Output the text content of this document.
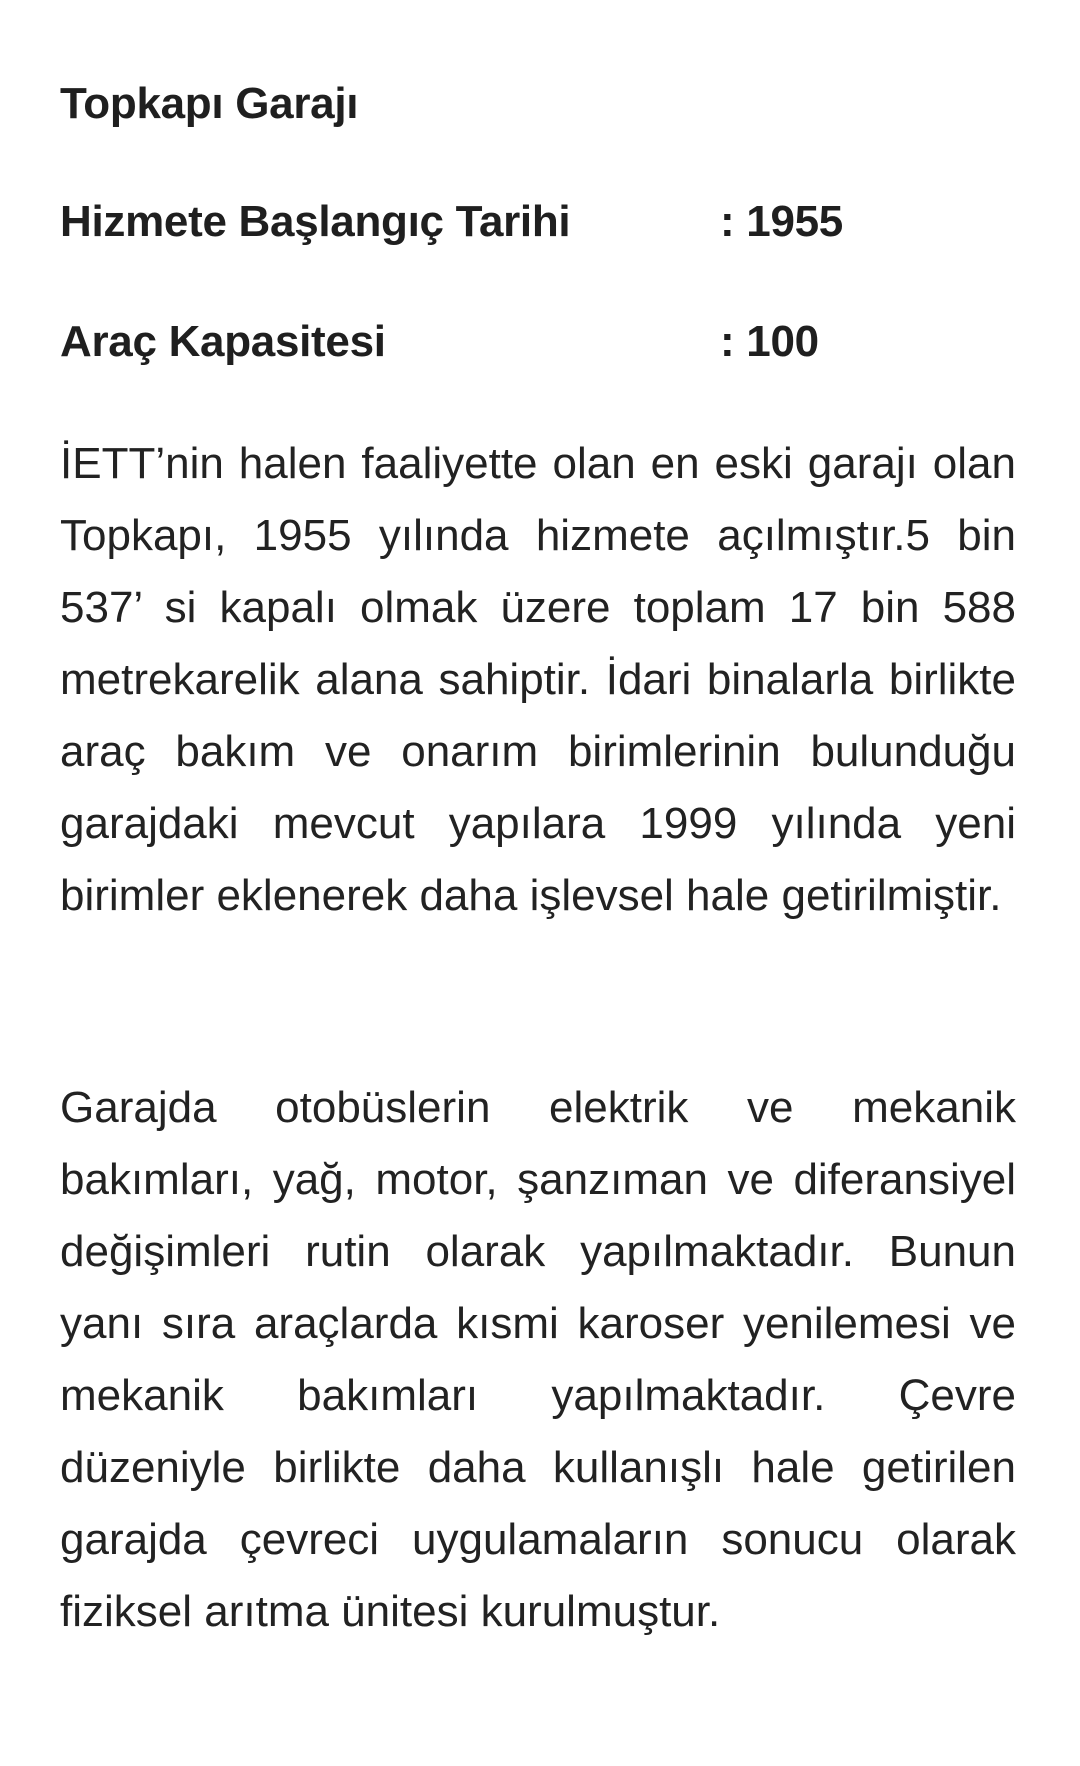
Topkapı Garajı
Hizmete Başlangıç Tarihi	: 1955
Araç Kapasitesi	: 100

İETT’nin halen faaliyette olan en eski garajı olan Topkapı, 1955 yılında hizmete açılmıştır.5 bin 537’ si kapalı olmak üzere toplam 17 bin 588 metrekarelik alana sahiptir. İdari binalarla birlikte araç bakım ve onarım birimlerinin bulunduğu garajdaki mevcut yapılara 1999 yılında yeni birimler eklenerek daha işlevsel hale getirilmiştir.

Garajda otobüslerin elektrik ve mekanik bakımları, yağ, motor, şanzıman ve diferansiyel değişimleri rutin olarak yapılmaktadır. Bunun yanı sıra araçlarda kısmi karoser yenilemesi ve mekanik bakımları yapılmaktadır. Çevre düzeniyle birlikte daha kullanışlı hale getirilen garajda çevreci uygulamaların sonucu olarak fiziksel arıtma ünitesi kurulmuştur.
